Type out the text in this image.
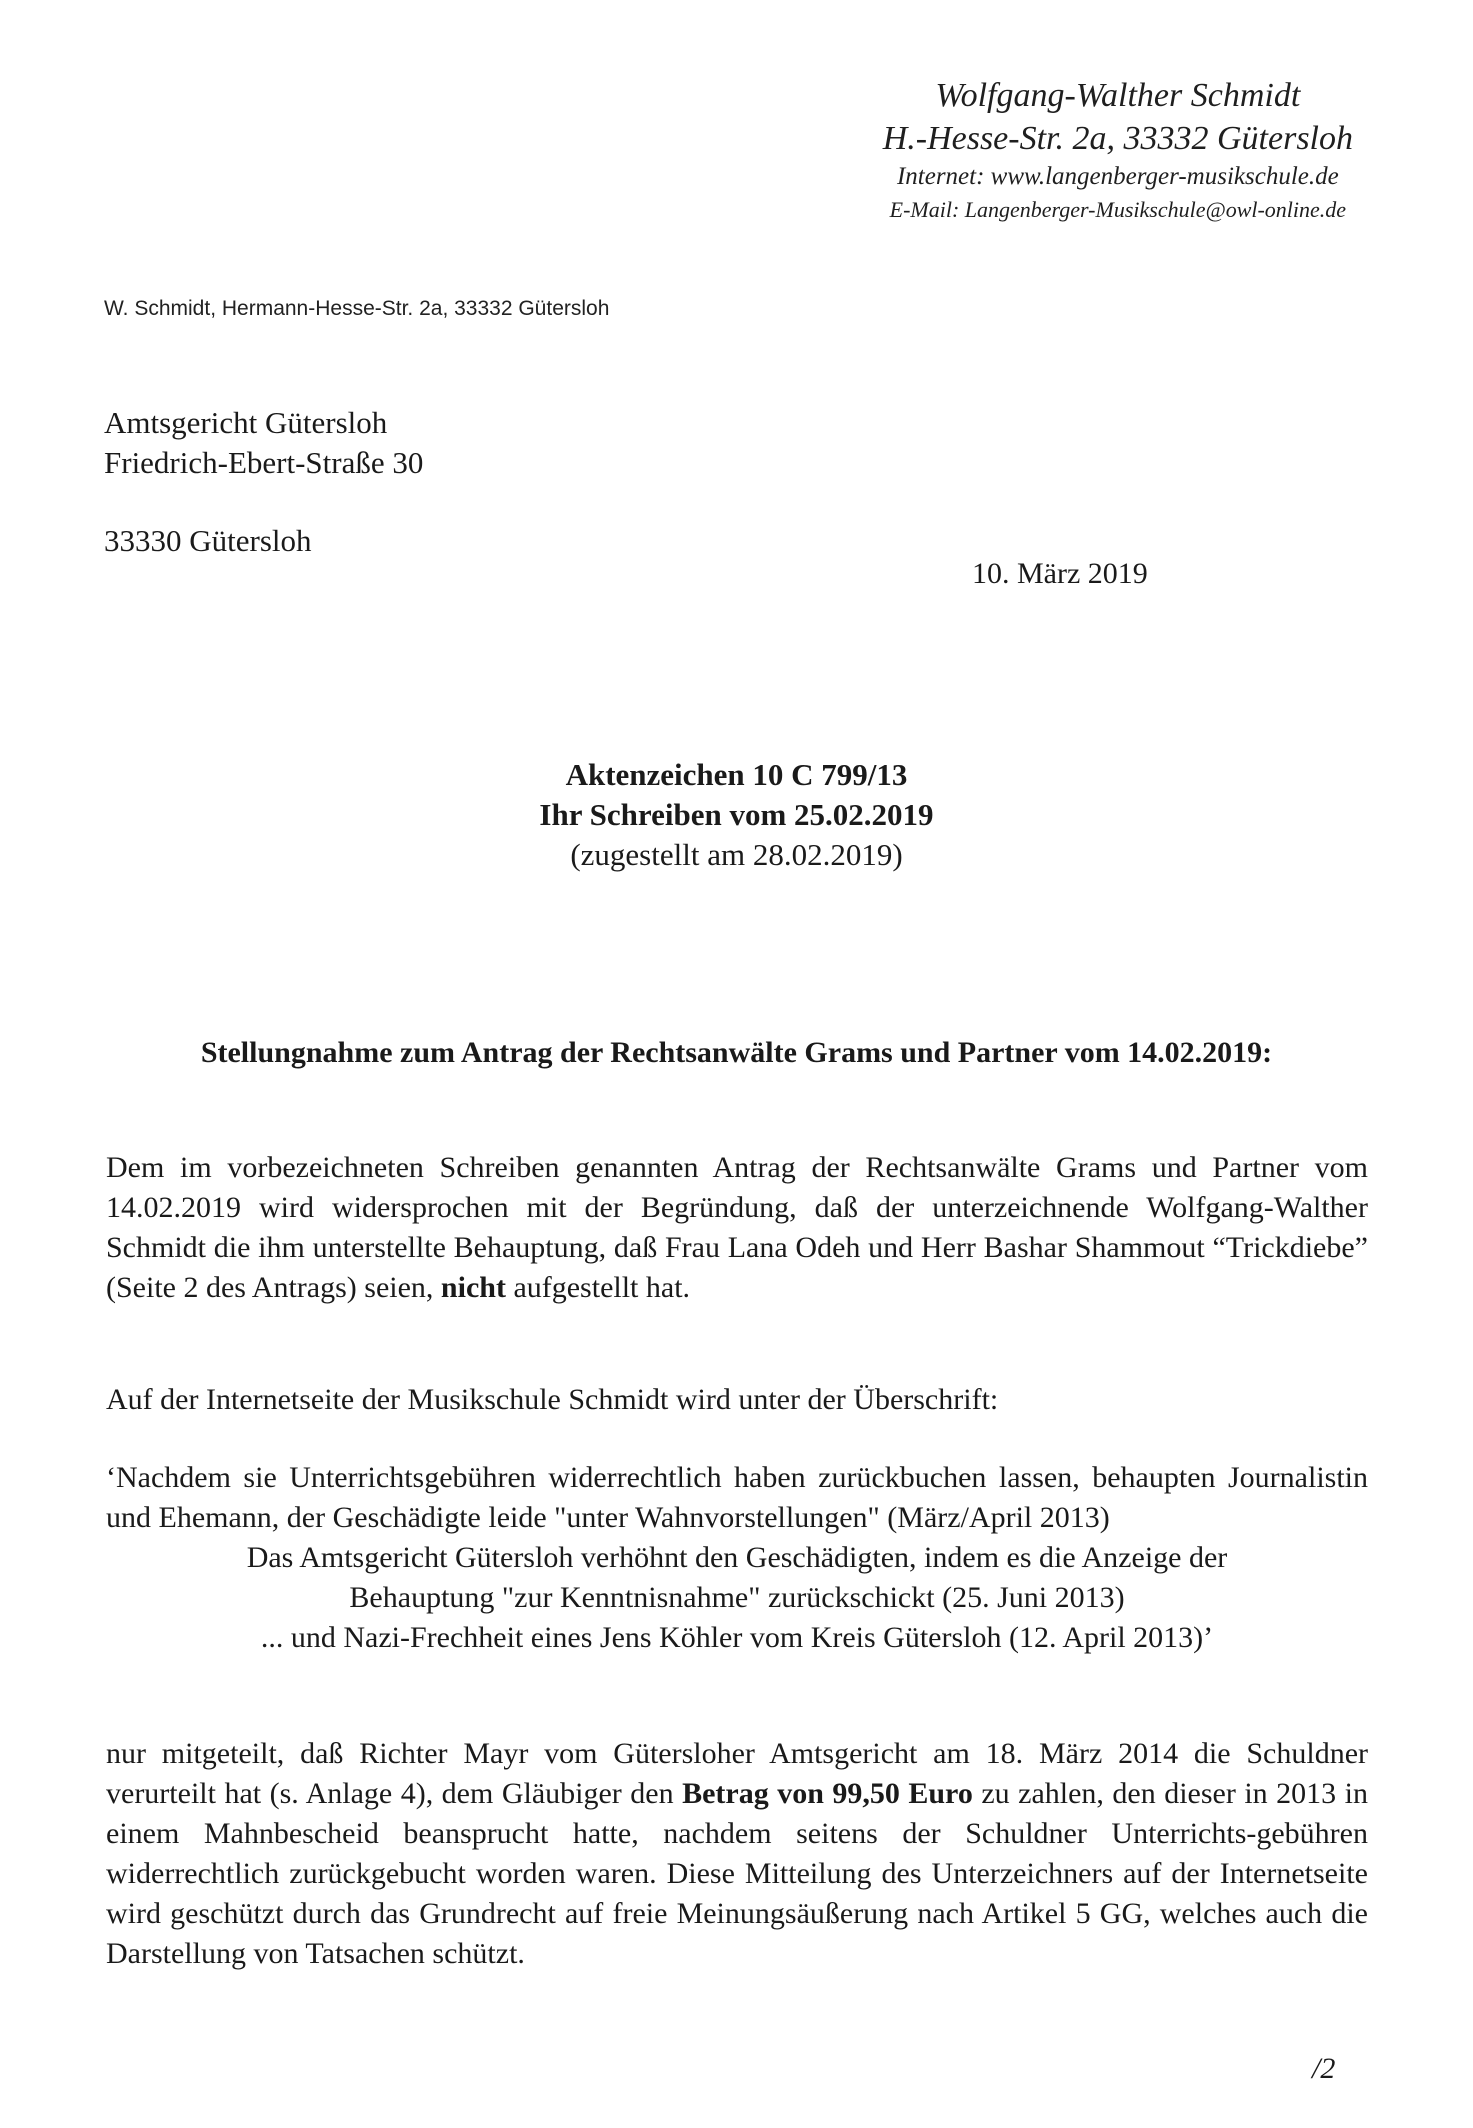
Wolfgang-Walther Schmidt
H.-Hesse-Str. 2a, 33332 Gütersloh
Internet: www.langenberger-musikschule.de
E-Mail: Langenberger-Musikschule@owl-online.de
W. Schmidt, Hermann-Hesse-Str. 2a, 33332 Gütersloh
Amtsgericht Gütersloh
Friedrich-Ebert-Straße 30
33330 Gütersloh
10. März 2019
Aktenzeichen 10 C 799/13
Ihr Schreiben vom 25.02.2019
(zugestellt am 28.02.2019)
Stellungnahme zum Antrag der Rechtsanwälte Grams und Partner vom 14.02.2019:

Dem im vorbezeichneten Schreiben genannten Antrag der Rechtsanwälte Grams und Partner vom 14.02.2019 wird widersprochen mit der Begründung, daß der unterzeichnende Wolfgang-Walther Schmidt die ihm unterstellte Behauptung, daß Frau Lana Odeh und Herr Bashar Shammout “Trickdiebe” (Seite 2 des Antrags) seien, nicht aufgestellt hat.

Auf der Internetseite der Musikschule Schmidt wird unter der Überschrift:

‘Nachdem sie Unterrichtsgebühren widerrechtlich haben zurückbuchen lassen, behaupten Journalistin und Ehemann, der Geschädigte leide "unter Wahnvorstellungen" (März/April 2013)
Das Amtsgericht Gütersloh verhöhnt den Geschädigten, indem es die Anzeige der
Behauptung "zur Kenntnisnahme" zurückschickt (25. Juni 2013)
... und Nazi-Frechheit eines Jens Köhler vom Kreis Gütersloh (12. April 2013)’

nur mitgeteilt, daß Richter Mayr vom Gütersloher Amtsgericht am 18. März 2014 die Schuldner verurteilt hat (s. Anlage 4), dem Gläubiger den Betrag von 99,50 Euro zu zahlen, den dieser in 2013 in einem Mahnbescheid beansprucht hatte, nachdem seitens der Schuldner Unterrichts-gebühren widerrechtlich zurückgebucht worden waren. Diese Mitteilung des Unterzeichners auf der Internetseite wird geschützt durch das Grundrecht auf freie Meinungsäußerung nach Artikel 5 GG, welches auch die Darstellung von Tatsachen schützt.

/2
